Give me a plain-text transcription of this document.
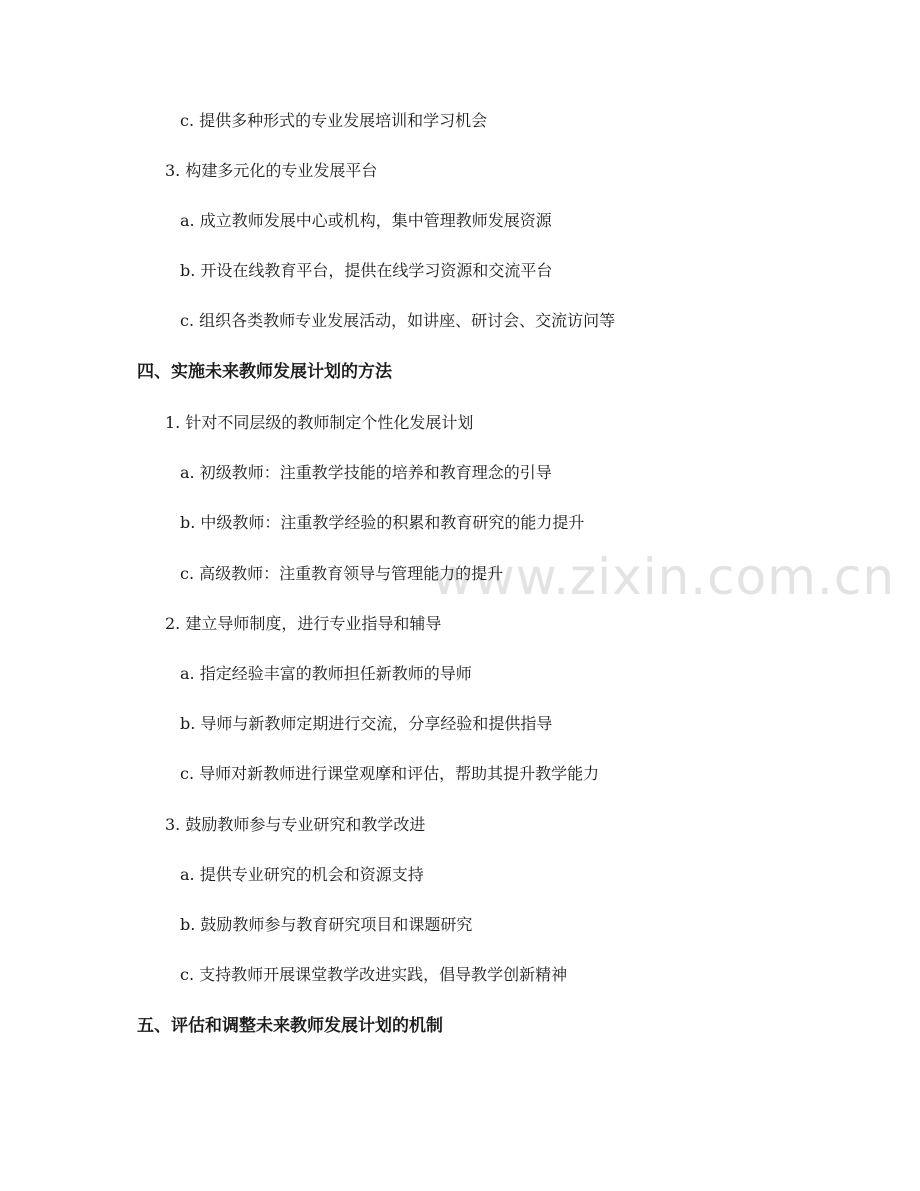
www.zixin.com.cn
c. 提供多种形式的专业发展培训和学习机会
3. 构建多元化的专业发展平台
a. 成立教师发展中心或机构，集中管理教师发展资源
b. 开设在线教育平台，提供在线学习资源和交流平台
c. 组织各类教师专业发展活动，如讲座、研讨会、交流访问等
四、实施未来教师发展计划的方法
1. 针对不同层级的教师制定个性化发展计划
a. 初级教师：注重教学技能的培养和教育理念的引导
b. 中级教师：注重教学经验的积累和教育研究的能力提升
c. 高级教师：注重教育领导与管理能力的提升
2. 建立导师制度，进行专业指导和辅导
a. 指定经验丰富的教师担任新教师的导师
b. 导师与新教师定期进行交流，分享经验和提供指导
c. 导师对新教师进行课堂观摩和评估，帮助其提升教学能力
3. 鼓励教师参与专业研究和教学改进
a. 提供专业研究的机会和资源支持
b. 鼓励教师参与教育研究项目和课题研究
c. 支持教师开展课堂教学改进实践，倡导教学创新精神
五、评估和调整未来教师发展计划的机制
